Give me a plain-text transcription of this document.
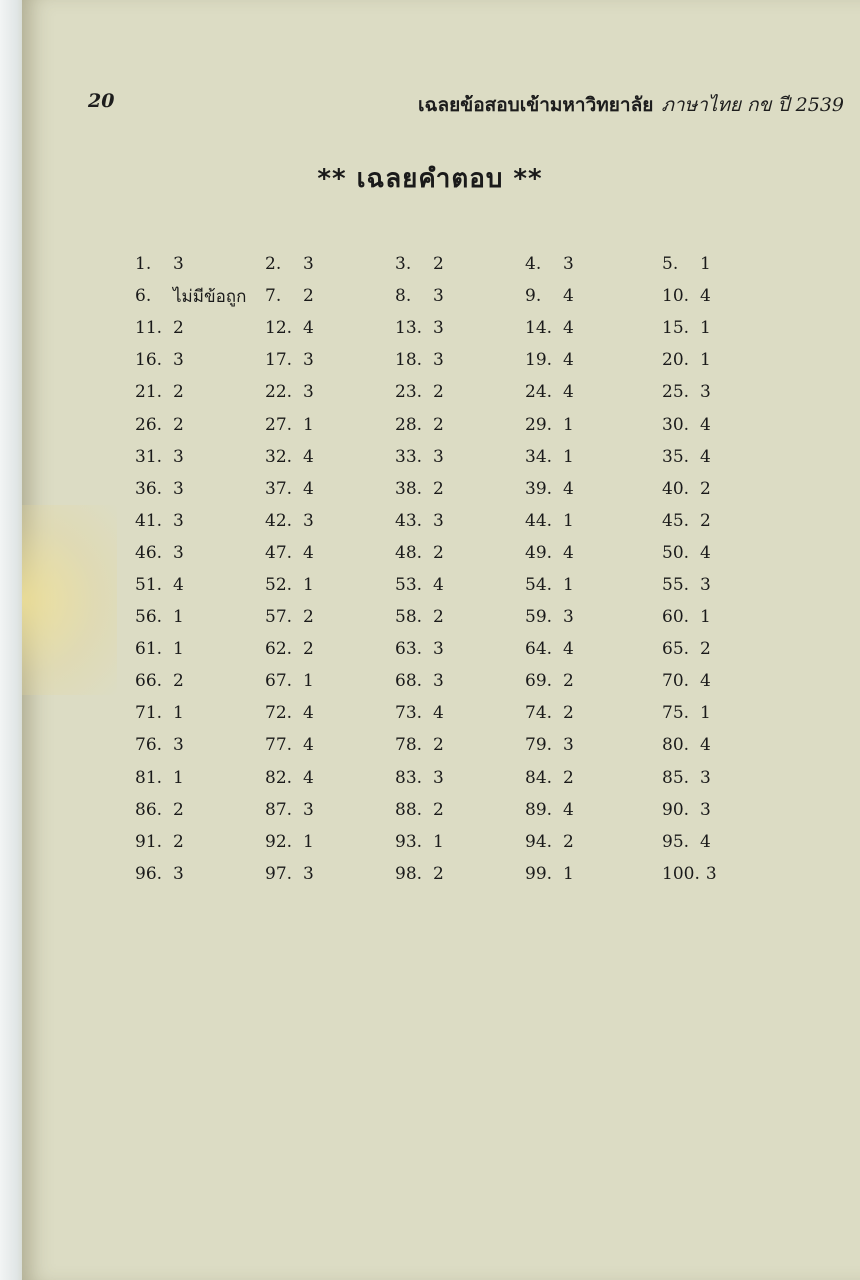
20	เฉลยข้อสอบเข้ามหาวิทยาลัย ภาษาไทย กข ปี 2539
** เฉลยคำตอบ **
1.	3	2.	3	3.	2	4.	3	5.	1
6.	ไม่มีข้อถูก 7.	2	8.	3	9.	4	10. 4
11. 2	12. 4	13. 3	14. 4	15. 1
16. 3	17. 3	18. 3	19. 4	20. 1
21. 2	22. 3	23. 2	24. 4	25. 3
26. 2	27. 1	28. 2	29. 1	30. 4
31. 3	32. 4	33. 3	34. 1	35. 4
36. 3	37. 4	38. 2	39. 4	40. 2
41. 3	42. 3	43. 3	44. 1	45. 2
46. 3	47. 4	48. 2	49. 4	50. 4
51. 4	52. 1	53. 4	54. 1	55. 3
56. 1	57. 2	58. 2	59. 3	60. 1
61. 1	62. 2	63. 3	64. 4	65. 2
66. 2	67. 1	68. 3	69. 2	70. 4
71. 1	72. 4	73. 4	74. 2	75. 1
76. 3	77. 4	78. 2	79. 3	80. 4
81. 1	82. 4	83. 3	84. 2	85. 3
86. 2	87. 3	88. 2	89. 4	90. 3
91. 2	92. 1	93. 1	94. 2	95. 4
96. 3	97. 3	98. 2	99. 1	100. 3
